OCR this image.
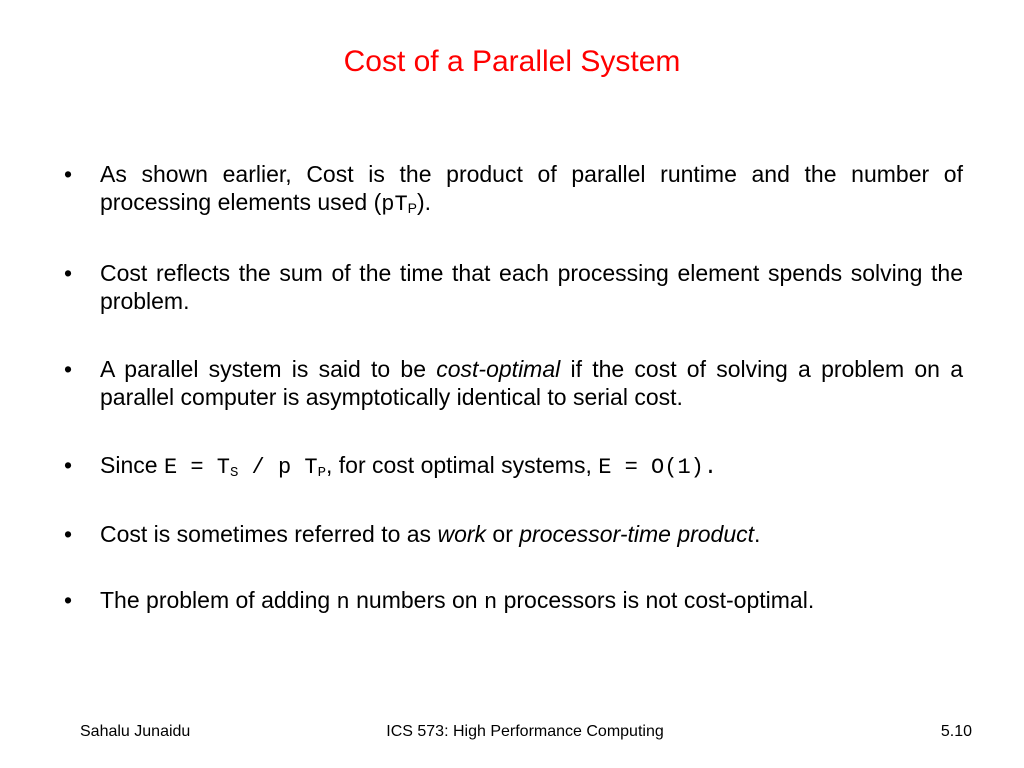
Cost of a Parallel System
• As shown earlier, Cost is the product of parallel runtime and the number of processing elements used $(pT_P)$.
• Cost reflects the sum of the time that each processing element spends solving the problem.
• A parallel system is said to be cost-optimal if the cost of solving a problem on a parallel computer is asymptotically identical to serial cost.
• Since $E = T_S / p$ $T_P$, for cost optimal systems, E = O(1).
• Cost is sometimes referred to as work or processor-time product.
• The problem of adding n numbers on n processors is not cost-optimal.
Sahalu Junaidu	ICS 573: High Performance Computing	5.10
